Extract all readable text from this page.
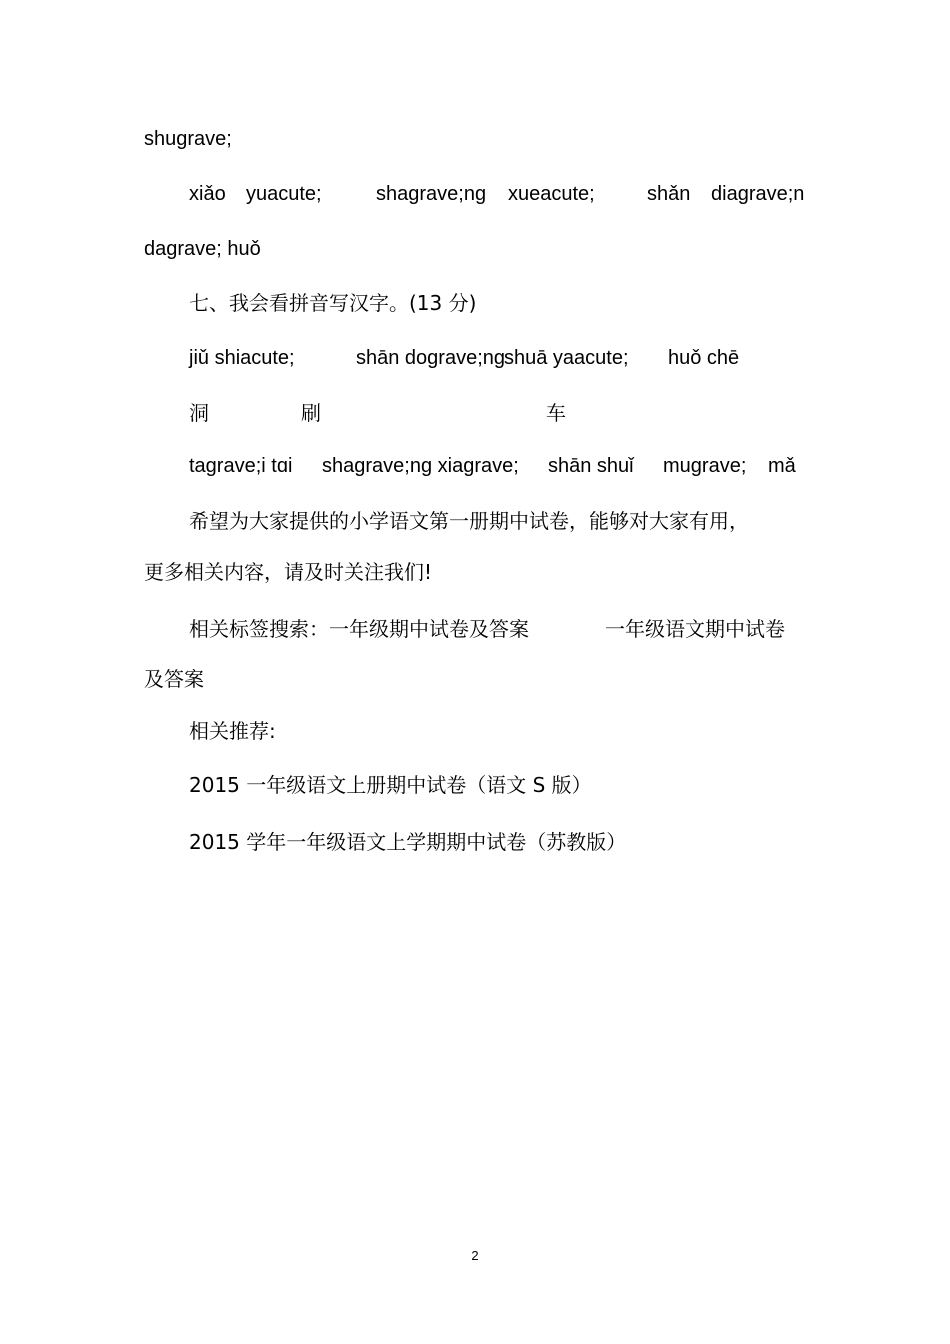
shugrave;
xiǎo yuacute;	shagrave;ng xueacute;	shǎn diagrave;n
dagrave; huǒ
七、我会看拼音写汉字。(13 分)
jiǔ shiacute;	shān dograve;ng
shuā yaacute; huǒ chē
洞	刷	车
tagrave;i tɑi shagrave;ng xiagrave; shān shuǐ mugrave; mǎ
希望为大家提供的小学语文第一册期中试卷，能够对大家有用，
更多相关内容，请及时关注我们!
相关标签搜索：一年级期中试卷及答案	一年级语文期中试卷
及答案
相关推荐:
2015 一年级语文上册期中试卷（语文 S 版）
2015 学年一年级语文上学期期中试卷（苏教版）
2
